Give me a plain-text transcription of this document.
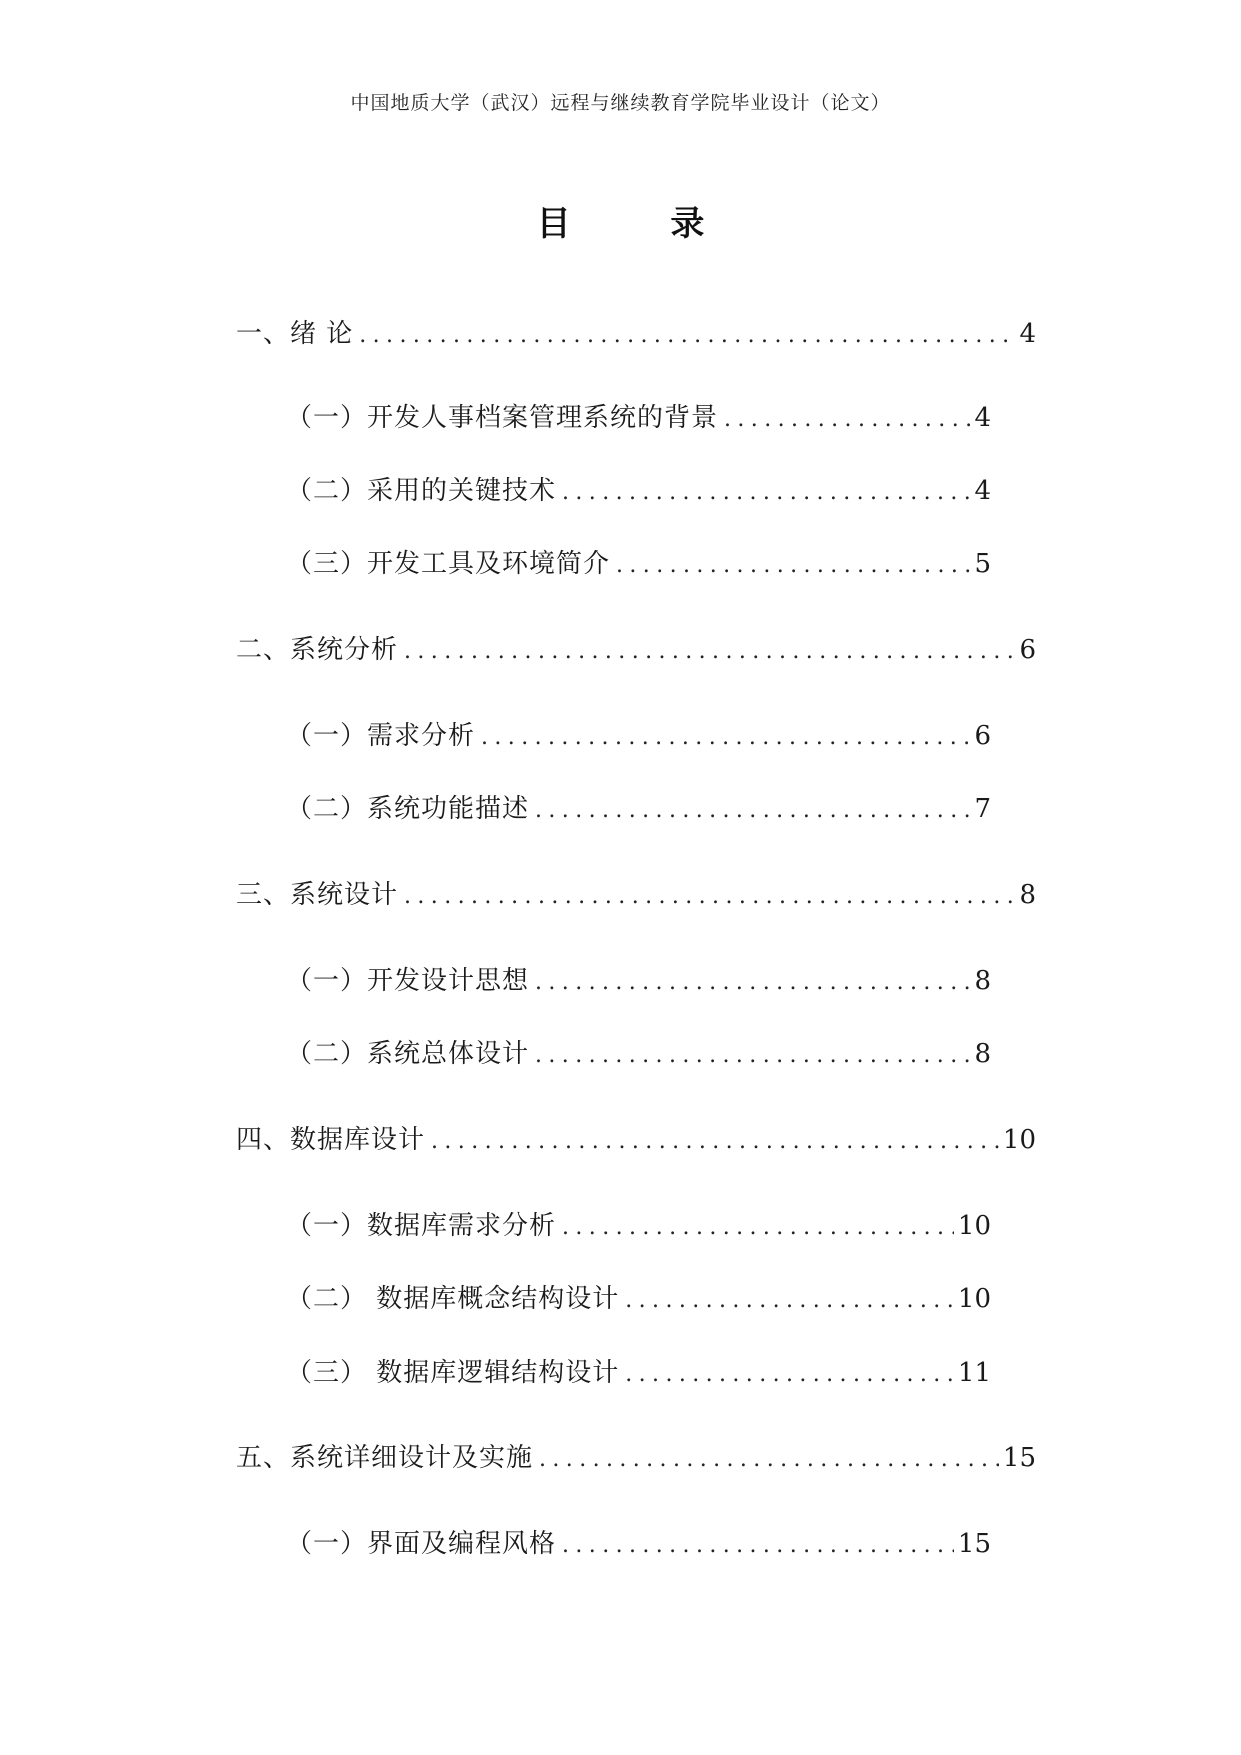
中国地质大学（武汉）远程与继续教育学院毕业设计（论文）
目 录
一、绪 论 .....	4
（一）开发人事档案管理系统的背景 .....	4
（二）采用的关键技术 .....	4
（三）开发工具及环境简介 .....	5
二、系统分析 .....	6
（一）需求分析 .....	6
（二）系统功能描述 .....	7
三、系统设计 .....	8
（一）开发设计思想 .....	8
（二）系统总体设计 .....	8
四、数据库设计 .....	10
（一）数据库需求分析 .....	10
（二） 数据库概念结构设计 .....	10
（三） 数据库逻辑结构设计 .....	11
五、系统详细设计及实施 .....	15
（一）界面及编程风格 .....	15
